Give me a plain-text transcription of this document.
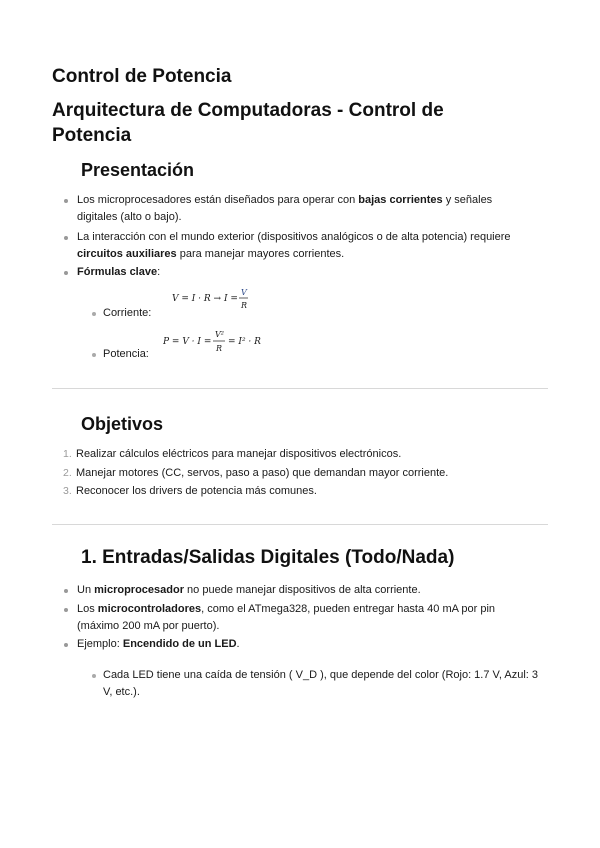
Control de Potencia
Arquitectura de Computadoras - Control de Potencia
Presentación
Los microprocesadores están diseñados para operar con bajas corrientes y señales digitales (alto o bajo).
La interacción con el mundo exterior (dispositivos analógicos o de alta potencia) requiere circuitos auxiliares para manejar mayores corrientes.
Fórmulas clave:
Corriente:
V = I · R → I =
V
R
Potencia:
P = V · I =
V²
R
= I² · R
Objetivos
1. Realizar cálculos eléctricos para manejar dispositivos electrónicos.
2. Manejar motores (CC, servos, paso a paso) que demandan mayor corriente.
3. Reconocer los drivers de potencia más comunes.
1. Entradas/Salidas Digitales (Todo/Nada)
Un microprocesador no puede manejar dispositivos de alta corriente.
Los microcontroladores, como el ATmega328, pueden entregar hasta 40 mA por pin (máximo 200 mA por puerto).
Ejemplo: Encendido de un LED.
Cada LED tiene una caída de tensión ( V_D ), que depende del color (Rojo: 1.7 V, Azul: 3 V, etc.).
